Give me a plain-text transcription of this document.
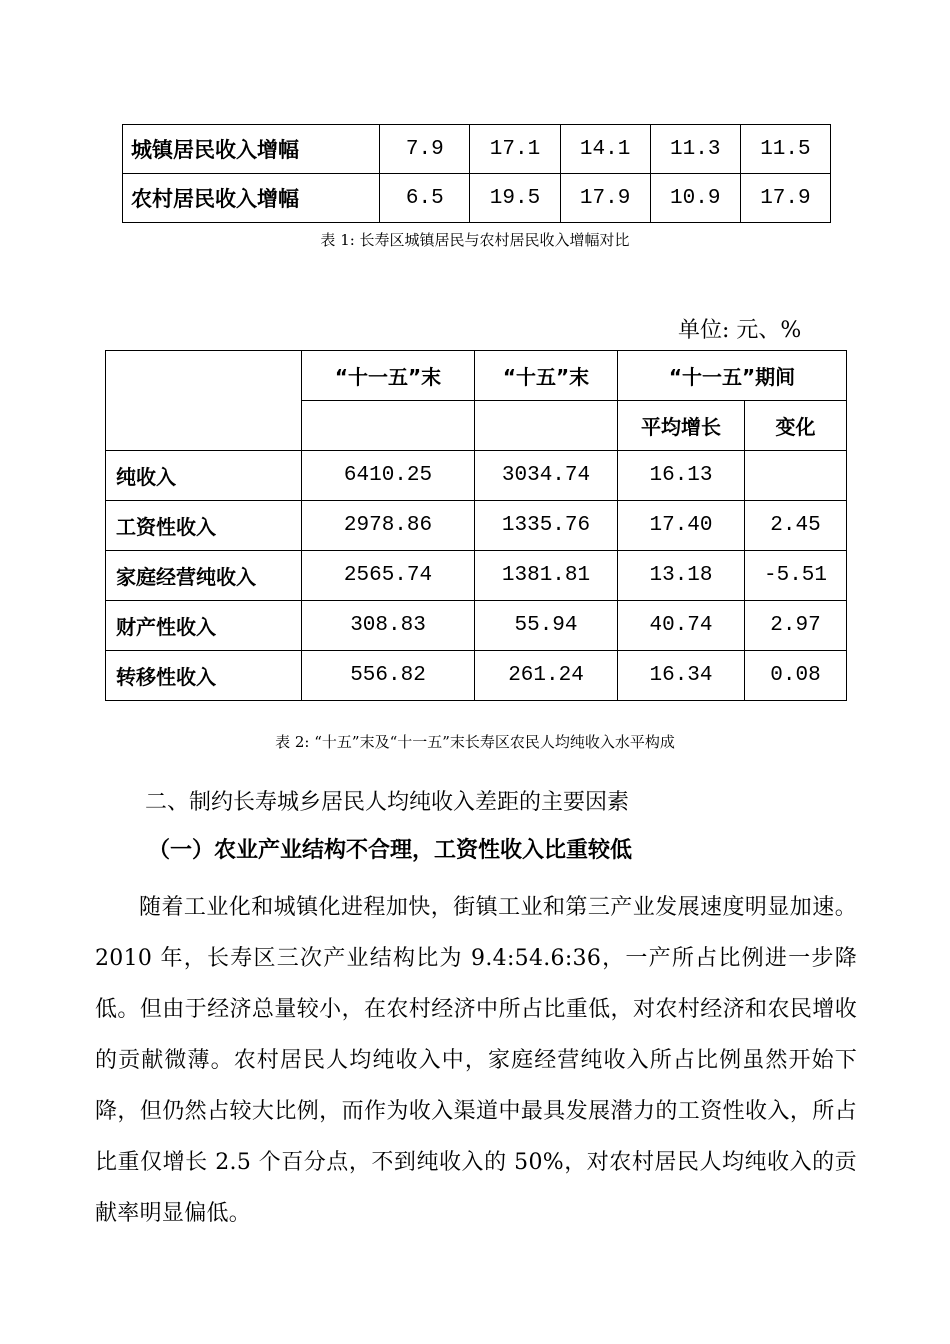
城镇居民收入增幅	7.9	17.1	14.1	11.3	11.5
农村居民收入增幅	6.5	19.5	17.9	10.9	17.9
表 1: 长寿区城镇居民与农村居民收入增幅对比
单位: 元、%
	“十一五”末	“十五”末	“十一五”期间	
			平均增长	变化
纯收入	6410.25	3034.74	16.13	
工资性收入	2978.86	1335.76	17.40	2.45
家庭经营纯收入	2565.74	1381.81	13.18	-5.51
财产性收入	308.83	55.94	40.74	2.97
转移性收入	556.82	261.24	16.34	0.08
表 2: “十五”末及“十一五”末长寿区农民人均纯收入水平构成
二、制约长寿城乡居民人均纯收入差距的主要因素
（一）农业产业结构不合理，工资性收入比重较低
随着工业化和城镇化进程加快，街镇工业和第三产业发展速度明显加速。2010 年，长寿区三次产业结构比为 9.4:54.6:36，一产所占比例进一步降低。但由于经济总量较小，在农村经济中所占比重低，对农村经济和农民增收的贡献微薄。农村居民人均纯收入中，家庭经营纯收入所占比例虽然开始下降，但仍然占较大比例，而作为收入渠道中最具发展潜力的工资性收入，所占比重仅增长 2.5 个百分点，不到纯收入的 50%，对农村居民人均纯收入的贡献率明显偏低。
